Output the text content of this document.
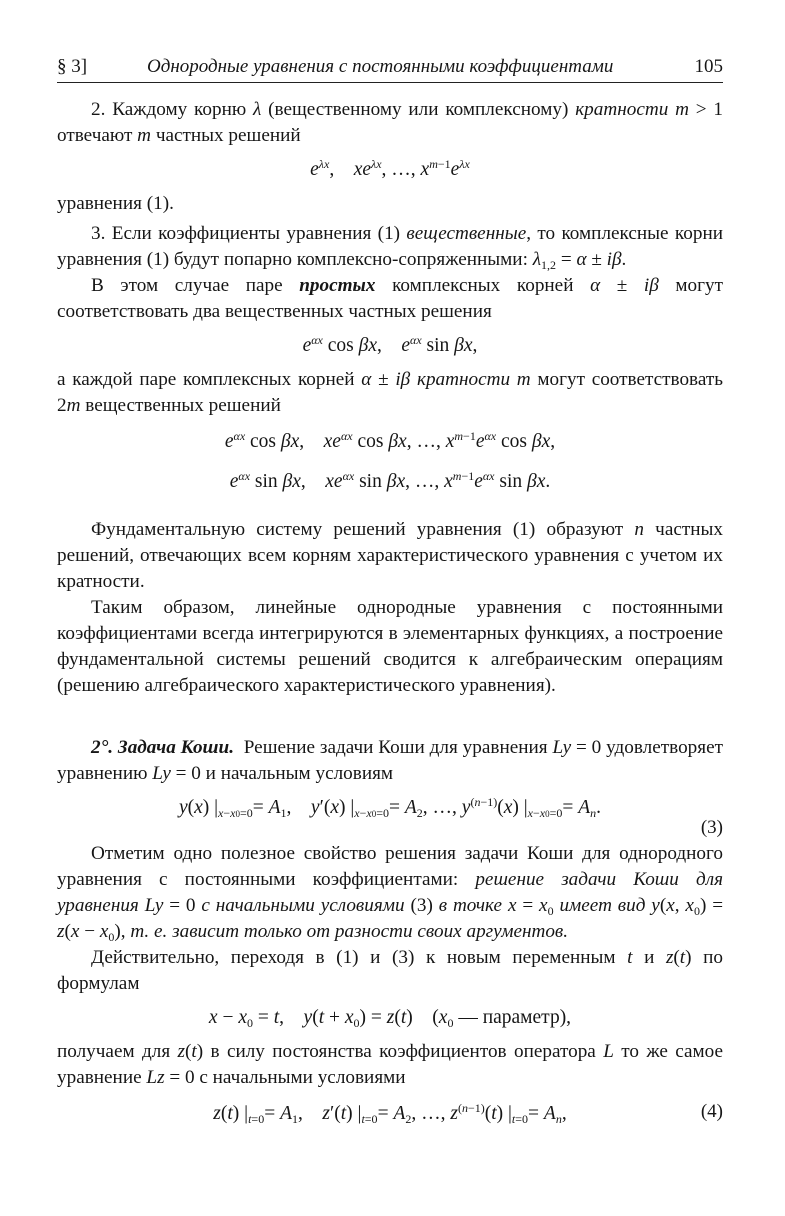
§ 3]	Однородные уравнения с постоянными коэффициентами	105

2. Каждому корню λ (вещественному или комплексному) кратности m > 1 отвечают m частных решений

$e^{\lambda x}$,    $xe^{\lambda x}$, …, $x^{m-1}e^{\lambda x}$

уравнения (1).

3. Если коэффициенты уравнения (1) вещественные, то комплексные корни уравнения (1) будут попарно комплексно-сопряженными: $\lambda_{1,2} = \alpha \pm i\beta$.

В этом случае паре простых комплексных корней α ± iβ могут соответствовать два вещественных частных решения

$e^{\alpha x}$ cos βx,    $e^{\alpha x}$ sin βx,

а каждой паре комплексных корней α ± iβ кратности m могут соответствовать 2m вещественных решений

$e^{\alpha x}$ cos βx,    $xe^{\alpha x}$ cos βx, …, $x^{m-1}e^{\alpha x}$ cos βx,
$e^{\alpha x}$ sin βx,    $xe^{\alpha x}$ sin βx, …, $x^{m-1}e^{\alpha x}$ sin βx.

Фундаментальную систему решений уравнения (1) образуют n частных решений, отвечающих всем корням характеристического уравнения с учетом их кратности.

Таким образом, линейные однородные уравнения с постоянными коэффициентами всегда интегрируются в элементарных функциях, а построение фундаментальной системы решений сводится к алгебраическим операциям (решению алгебраического характеристического уравнения).

2°. Задача Коши.  Решение задачи Коши для уравнения Ly = 0 удовлетворяет уравнению Ly = 0 и начальным условиям

y(x) $|_{x-x0=0}= A_1$,    y′(x) $|_{x-x0=0}= A_2$, …, $y^{(n-1)}(x)$ $|_{x-x0=0}= A_n$.
(3)

Отметим одно полезное свойство решения задачи Коши для однородного уравнения с постоянными коэффициентами: решение задачи Коши для уравнения Ly = 0 с начальными условиями (3) в точке $x = x_0$ имеет вид y(x, $x_0) = z(x - x_0)$, т. е. зависит только от разности своих аргументов.

Действительно, переходя в (1) и (3) к новым переменным t и z(t) по формулам

$x - x_0 = t$,    $y(t + x_0) = z(t)$    ($x_0$ — параметр),

получаем для z(t) в силу постоянства коэффициентов оператора L то же самое уравнение Lz = 0 с начальными условиями

z(t) $|_{t=0}= A_1$,    z′(t) $|_{t=0}= A_2$, …, $z^{(n-1)}(t)$ $|_{t=0}= A_n$,	(4)
